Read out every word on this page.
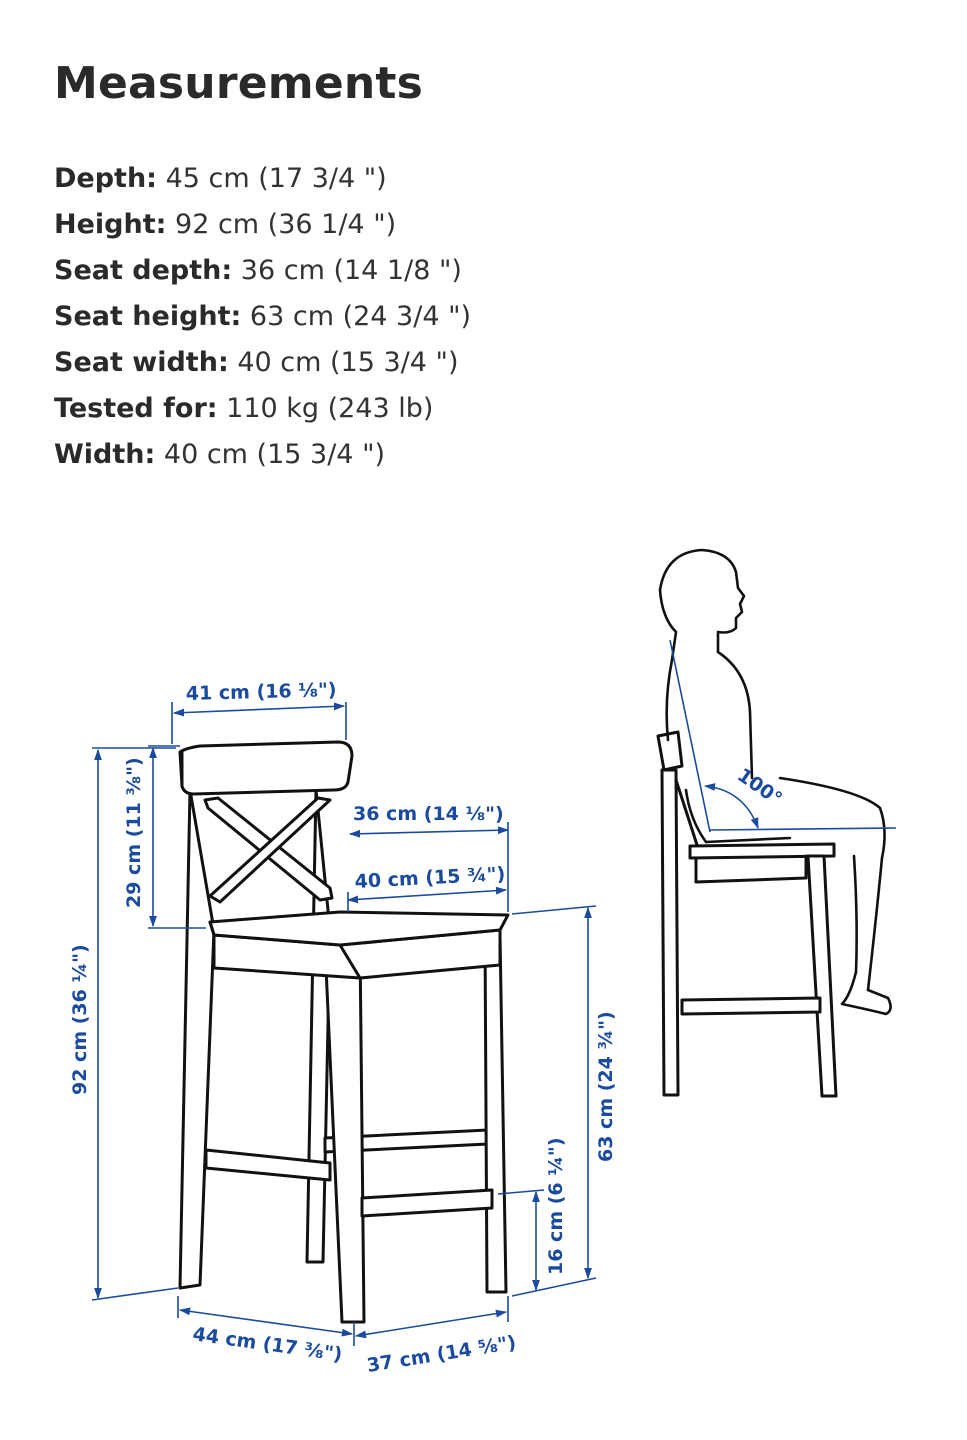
Measurements
Depth: 45 cm (17 3/4 ")
Height: 92 cm (36 1/4 ")
Seat depth: 36 cm (14 1/8 ")
Seat height: 63 cm (24 3/4 ")
Seat width: 40 cm (15 3/4 ")
Tested for: 110 kg (243 lb)
Width: 40 cm (15 3/4 ")
41 cm (16 ⅛")
36 cm (14 ⅛")
40 cm (15 ¾")
29 cm (11 ⅜")
92 cm (36 ¼")	63 cm (24 ¾")
16 cm (6 ¼")
44 cm (17 ⅜") 37 cm (14 ⅝")
100°
